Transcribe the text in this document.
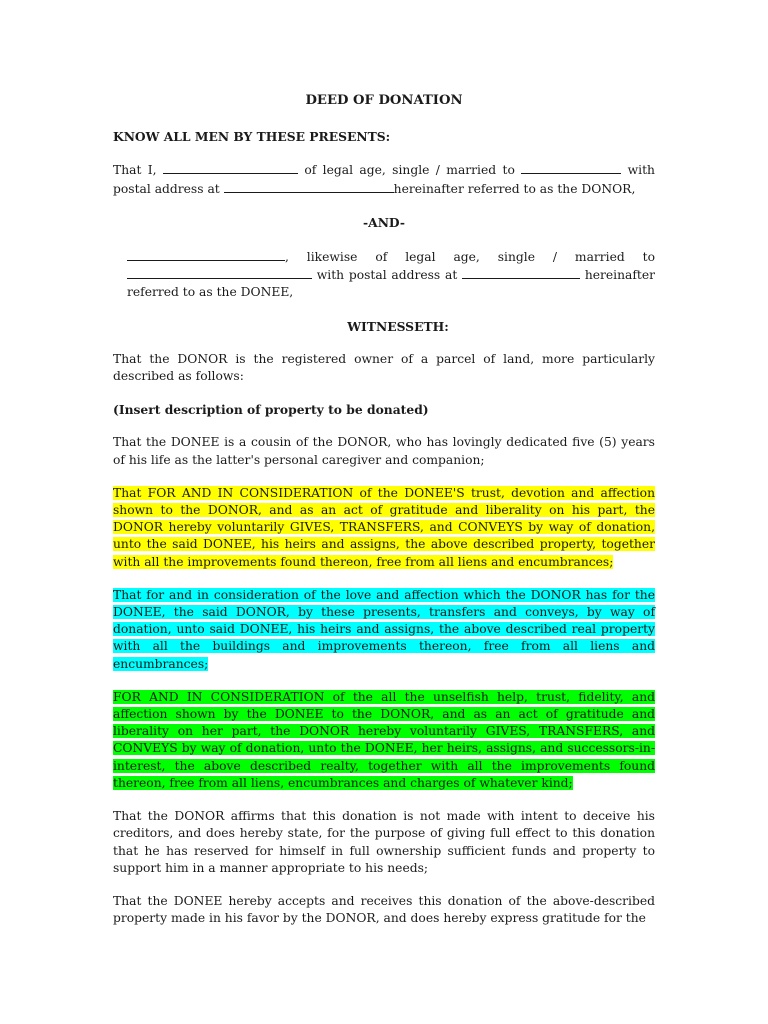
DEED OF DONATION

KNOW ALL MEN BY THESE PRESENTS:

That I,	of legal age, single / married to	with postal address at	hereinafter referred to as the DONOR,

-AND-

, likewise of legal age, single / married to  with postal address at	hereinafter referred to as the DONEE,

WITNESSETH:

That the DONOR is the registered owner of a parcel of land, more particularly described as follows:

(Insert description of property to be donated)

That the DONEE is a cousin of the DONOR, who has lovingly dedicated five (5) years of his life as the latter's personal caregiver and companion;

That FOR AND IN CONSIDERATION of the DONEE'S trust, devotion and affection shown to the DONOR, and as an act of gratitude and liberality on his part, the DONOR hereby voluntarily GIVES, TRANSFERS, and CONVEYS by way of donation, unto the said DONEE, his heirs and assigns, the above described property, together with all the improvements found thereon, free from all liens and encumbrances;

That for and in consideration of the love and affection which the DONOR has for the DONEE, the said DONOR, by these presents, transfers and conveys, by way of donation, unto said DONEE, his heirs and assigns, the above described real property with all the buildings and improvements thereon, free from all liens and encumbrances;

FOR AND IN CONSIDERATION of the all the unselfish help, trust, fidelity, and affection shown by the DONEE to the DONOR, and as an act of gratitude and liberality on her part, the DONOR hereby voluntarily GIVES, TRANSFERS, and CONVEYS by way of donation, unto the DONEE, her heirs, assigns, and successors-in-interest, the above described realty, together with all the improvements found thereon, free from all liens, encumbrances and charges of whatever kind;

That the DONOR affirms that this donation is not made with intent to deceive his creditors, and does hereby state, for the purpose of giving full effect to this donation that he has reserved for himself in full ownership sufficient funds and property to support him in a manner appropriate to his needs;

That the DONEE hereby accepts and receives this donation of the above-described property made in his favor by the DONOR, and does hereby express gratitude for the
